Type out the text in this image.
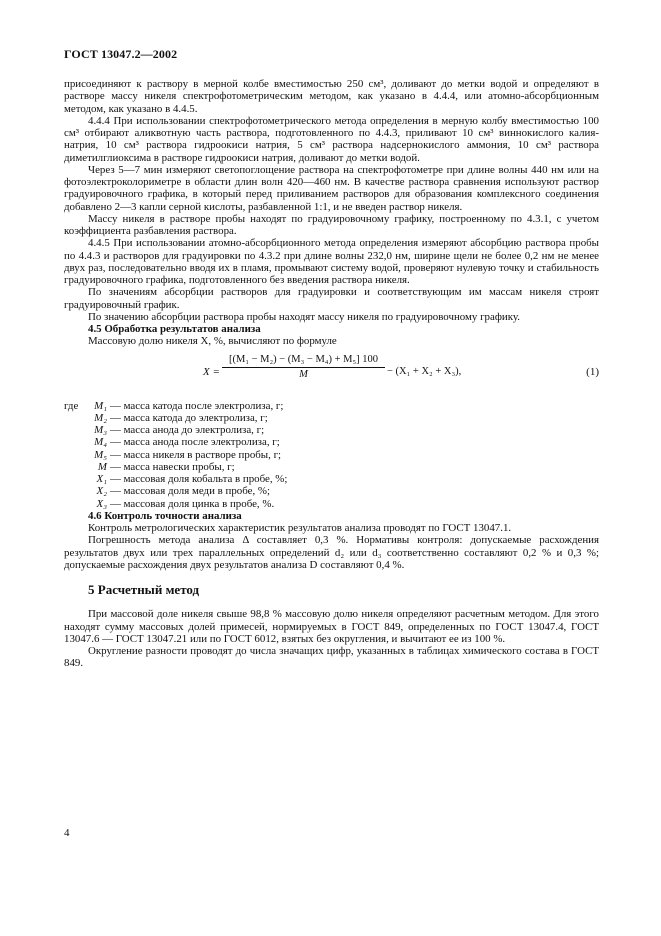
ГОСТ 13047.2—2002

присоединяют к раствору в мерной колбе вместимостью 250 см³, доливают до метки водой и определяют в растворе массу никеля спектрофотометрическим методом, как указано в 4.4.4, или атомно-абсорбционным методом, как указано в 4.4.5.

4.4.4 При использовании спектрофотометрического метода определения в мерную колбу вместимостью 100 см³ отбирают аликвотную часть раствора, подготовленного по 4.4.3, приливают 10 см³ виннокислого калия-натрия, 10 см³ раствора гидроокиси натрия, 5 см³ раствора надсернокислого аммония, 10 см³ раствора диметилглиоксима в растворе гидроокиси натрия, доливают до метки водой.

Через 5—7 мин измеряют светопоглощение раствора на спектрофотометре при длине волны 440 нм или на фотоэлектроколориметре в области длин волн 420—460 нм. В качестве раствора сравнения используют раствор градуировочного графика, в который перед приливанием растворов для образования комплексного соединения добавлено 2—3 капли серной кислоты, разбавленной 1:1, и не введен раствор никеля.

Массу никеля в растворе пробы находят по градуировочному графику, построенному по 4.3.1, с учетом коэффициента разбавления раствора.

4.4.5 При использовании атомно-абсорбционного метода определения измеряют абсорбцию раствора пробы по 4.4.3 и растворов для градуировки по 4.3.2 при длине волны 232,0 нм, ширине щели не более 0,2 нм не менее двух раз, последовательно вводя их в пламя, промывают систему водой, проверяют нулевую точку и стабильность градуировочного графика, подготовленного без введения раствора никеля.

По значениям абсорбции растворов для градуировки и соответствующим им массам никеля строят градуировочный график.

По значению абсорбции раствора пробы находят массу никеля по градуировочному графику.

4.5 Обработка результатов анализа

Массовую долю никеля X, %, вычисляют по формуле

$X = \frac{\text{[(M₁ − M₂) − (M₃ − M₄) + M₅] 100}}{M} - (X_1 + X_2 + X_3)$,	(1)
где	M₁ — масса катода после электролиза, г;
M₂ — масса катода до электролиза, г;
M₃ — масса анода до электролиза, г;
M₄ — масса анода после электролиза, г;
M₅ — масса никеля в растворе пробы, г;
M — масса навески пробы, г;
X₁ — массовая доля кобальта в пробе, %;
X₂ — массовая доля меди в пробе, %;
X₃ — массовая доля цинка в пробе, %.

4.6 Контроль точности анализа

Контроль метрологических характеристик результатов анализа проводят по ГОСТ 13047.1.

Погрешность метода анализа Δ составляет 0,3 %. Нормативы контроля: допускаемые расхождения результатов двух или трех параллельных определений d₂ или d₃ соответственно составляют 0,2 % и 0,3 %; допускаемые расхождения двух результатов анализа D составляют 0,4 %.

5 Расчетный метод

При массовой доле никеля свыше 98,8 % массовую долю никеля определяют расчетным методом. Для этого находят сумму массовых долей примесей, нормируемых в ГОСТ 849, определенных по ГОСТ 13047.4, ГОСТ 13047.6 — ГОСТ 13047.21 или по ГОСТ 6012, взятых без округления, и вычитают ее из 100 %.

Округление разности проводят до числа значащих цифр, указанных в таблицах химического состава в ГОСТ 849.

4
